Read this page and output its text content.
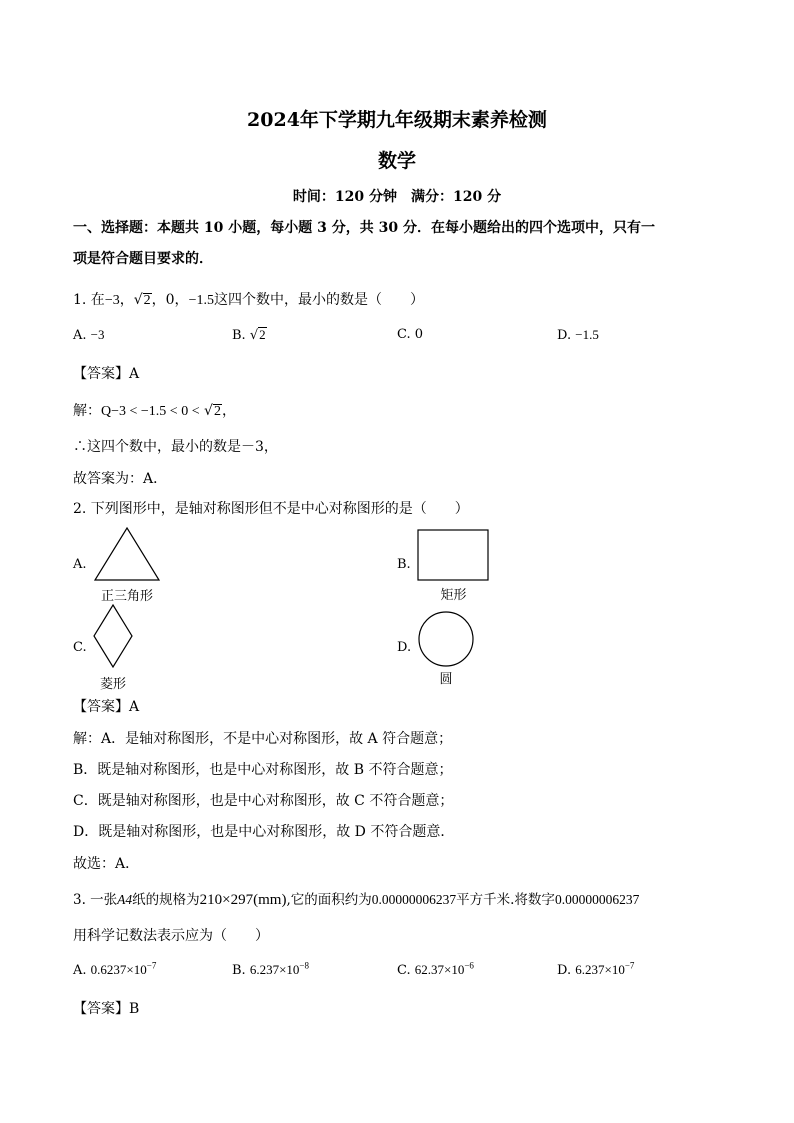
2024年下学期九年级期末素养检测
数学
时间：120 分钟　满分：120 分
一、选择题：本题共 10 小题，每小题 3 分，共 30 分．在每小题给出的四个选项中，只有一
项是符合题目要求的．
1. 在−3，√2，0，−1.5这四个数中，最小的数是（　　）
A. −3	B. √2	C. 0	D. −1.5
【答案】A
解：Q−3 < −1.5 < 0 < √2，
∴这四个数中，最小的数是－3，
故答案为：A．
2. 下列图形中，是轴对称图形但不是中心对称图形的是（　　）
A.
正三角形
B.
矩形
C.
菱形
D.
圆
【答案】A
解：A．是轴对称图形，不是中心对称图形，故 A 符合题意；
B．既是轴对称图形，也是中心对称图形，故 B 不符合题意；
C．既是轴对称图形，也是中心对称图形，故 C 不符合题意；
D．既是轴对称图形，也是中心对称图形，故 D 不符合题意．
故选：A．
3. 一张A4纸的规格为210×297(mm),它的面积约为0.00000006237平方千米.将数字0.00000006237
用科学记数法表示应为（　　）
A. $0.6237\times 10^{-7}$	B. $6.237\times 10^{-8}$	C. $62.37\times 10^{-6}$	D. $6.237\times 10^{-7}$
【答案】B
